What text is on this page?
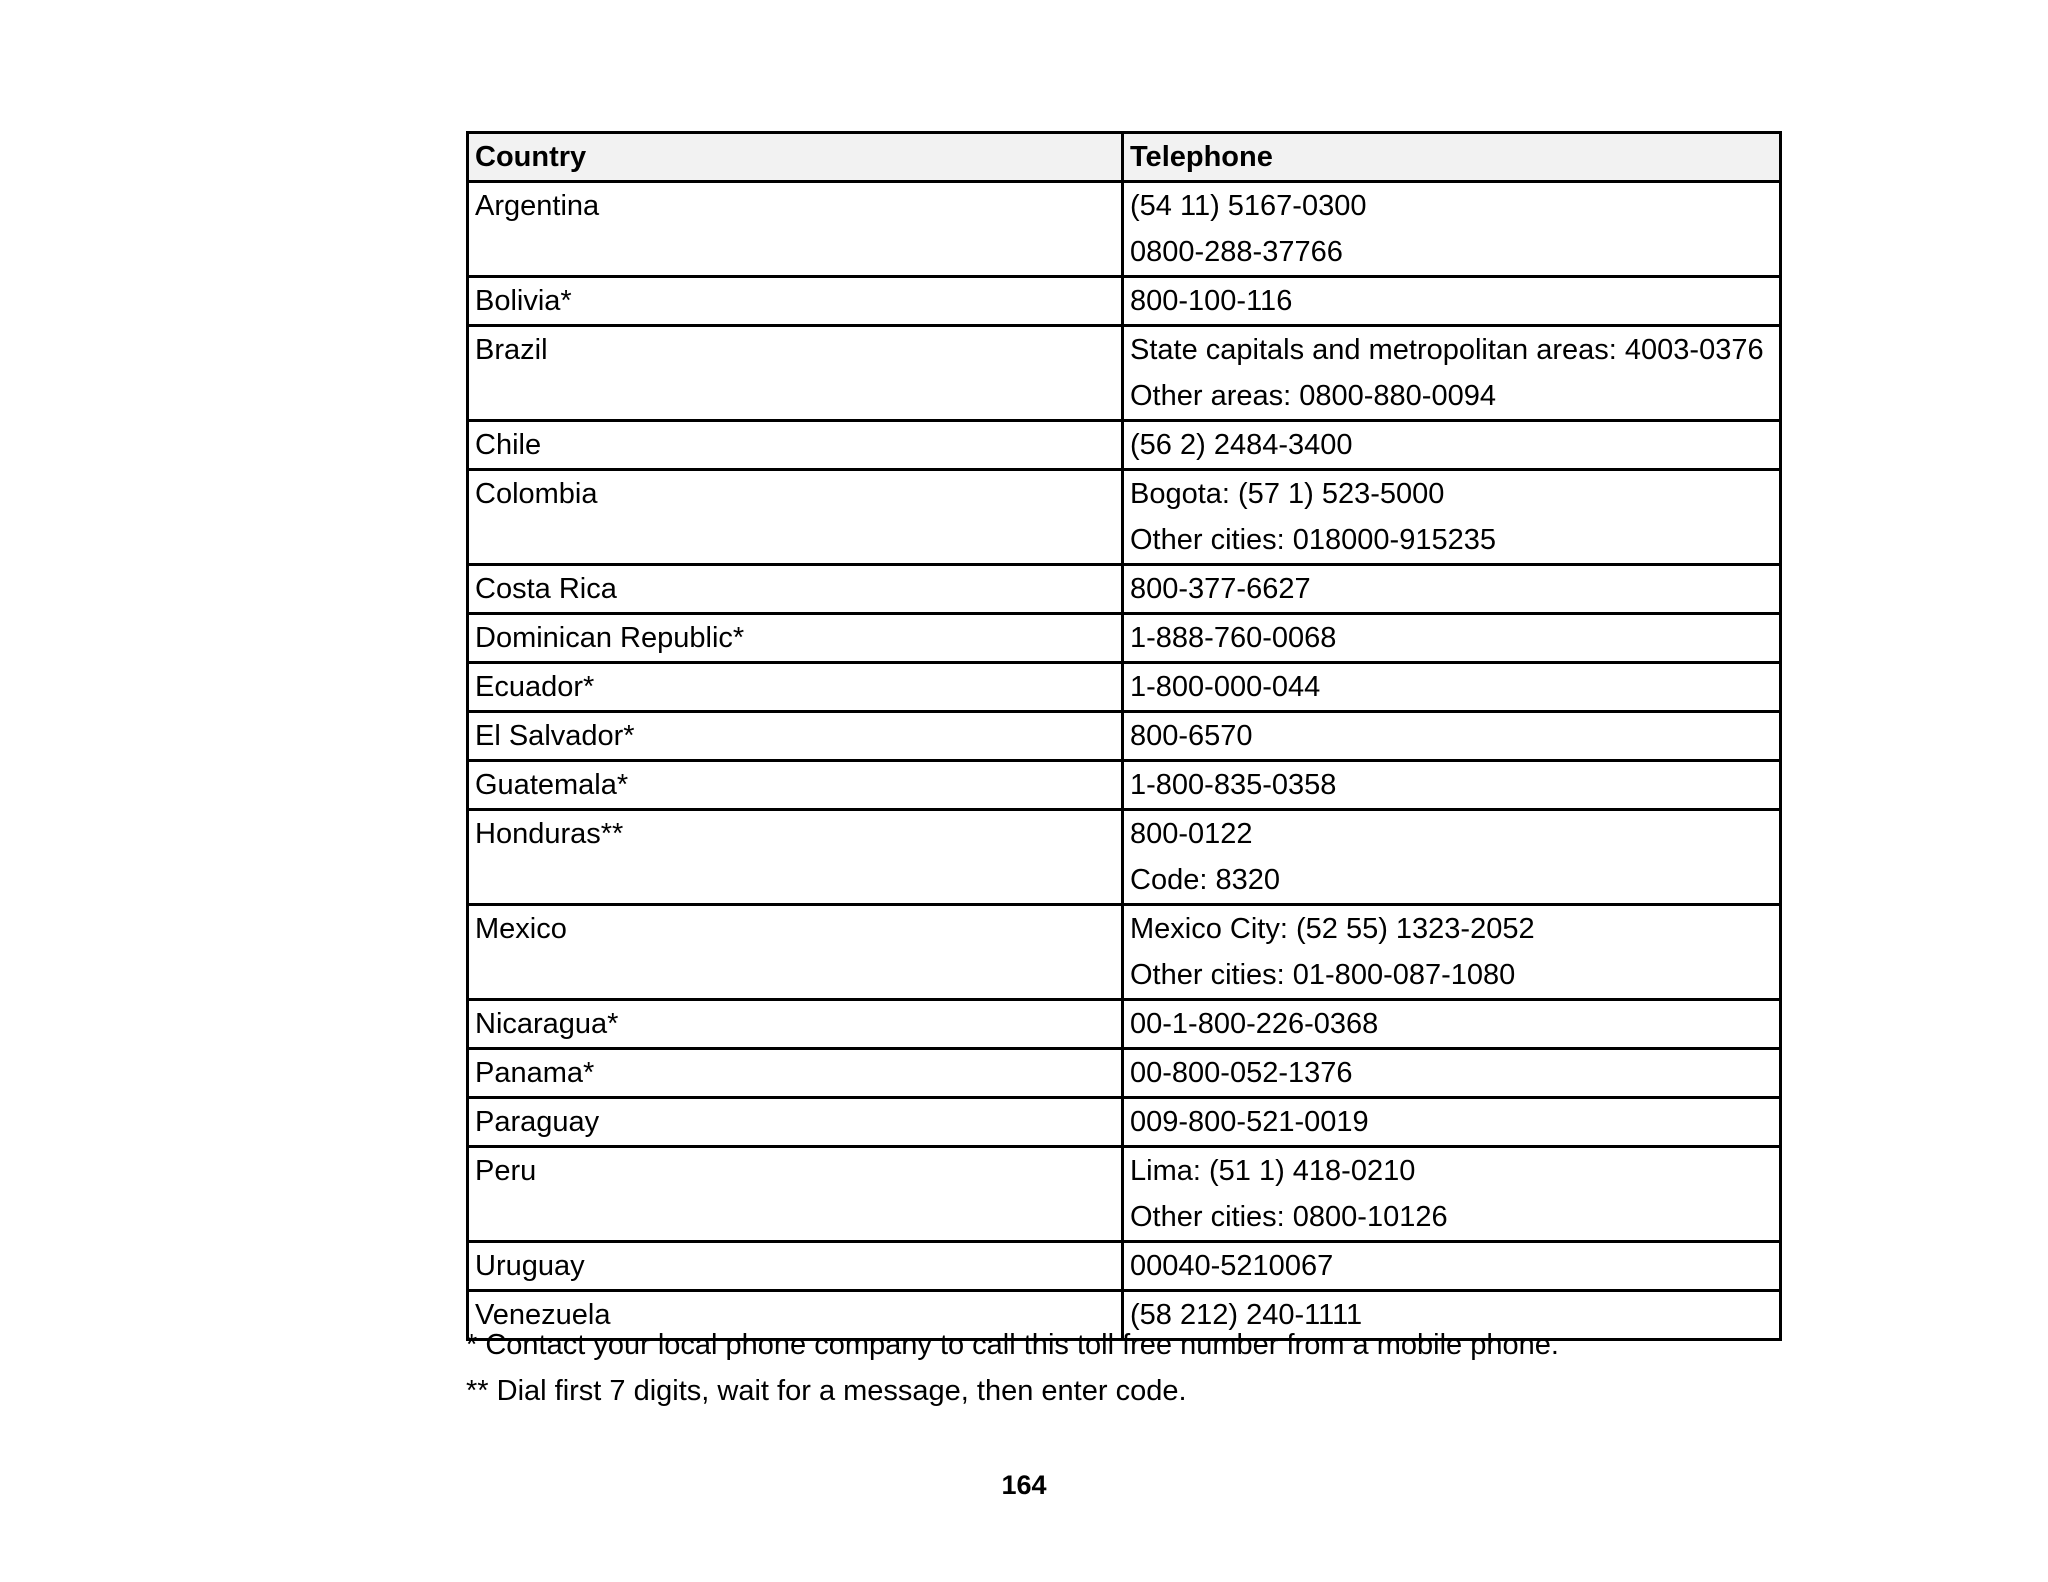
Country	Telephone

Argentina	(54 11) 5167-0300
0800-288-37766

Bolivia*	800-100-116

Brazil	State capitals and metropolitan areas: 4003-0376
Other areas: 0800-880-0094

Chile	(56 2) 2484-3400

Colombia	Bogota: (57 1) 523-5000
Other cities: 018000-915235

Costa Rica	800-377-6627

Dominican Republic*	1-888-760-0068

Ecuador*	1-800-000-044

El Salvador*	800-6570

Guatemala*	1-800-835-0358

Honduras**	800-0122
Code: 8320

Mexico	Mexico City: (52 55) 1323-2052
Other cities: 01-800-087-1080

Nicaragua*	00-1-800-226-0368

Panama*	00-800-052-1376

Paraguay	009-800-521-0019

Peru	Lima: (51 1) 418-0210
Other cities: 0800-10126

Uruguay	00040-5210067

Venezuela	(58 212) 240-1111
* Contact your local phone company to call this toll free number from a mobile phone.
** Dial first 7 digits, wait for a message, then enter code.
164
